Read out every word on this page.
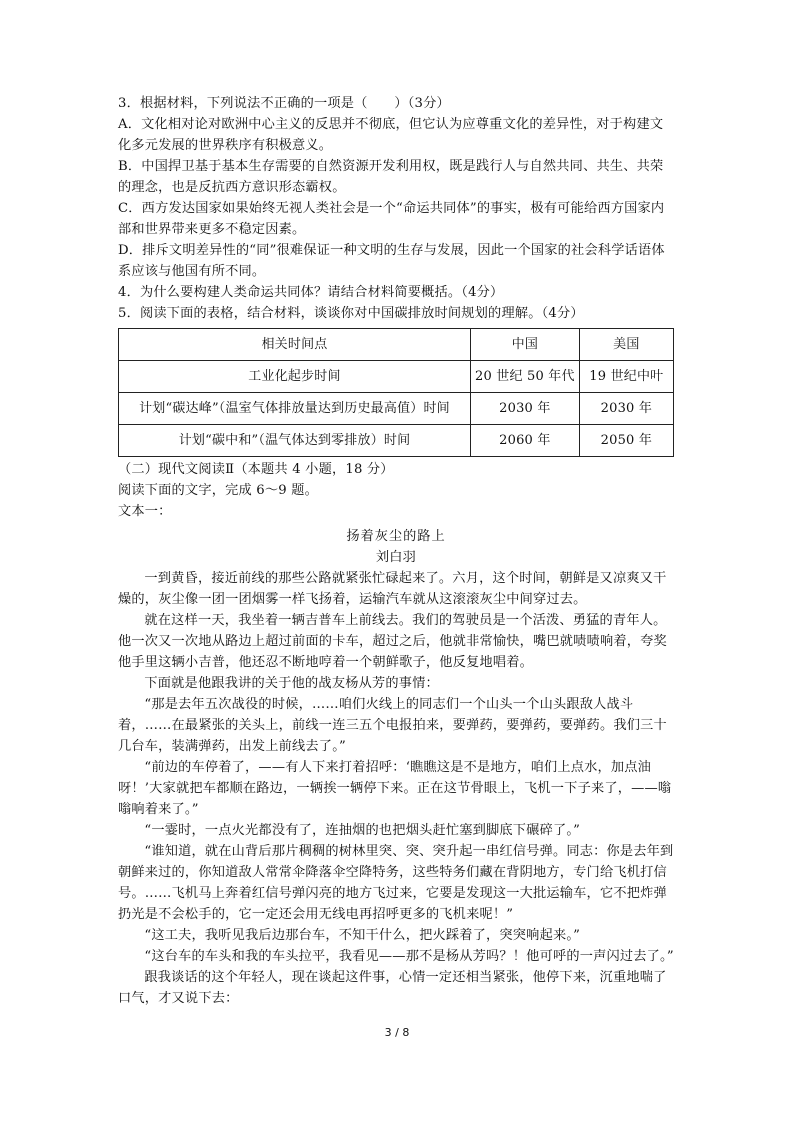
3．根据材料，下列说法不正确的一项是（　　）（3分）

A．文化相对论对欧洲中心主义的反思并不彻底，但它认为应尊重文化的差异性，对于构建文化多元发展的世界秩序有积极意义。

B．中国捍卫基于基本生存需要的自然资源开发利用权，既是践行人与自然共同、共生、共荣的理念，也是反抗西方意识形态霸权。

C．西方发达国家如果始终无视人类社会是一个“命运共同体”的事实，极有可能给西方国家内部和世界带来更多不稳定因素。

D．排斥文明差异性的“同”很难保证一种文明的生存与发展，因此一个国家的社会科学话语体系应该与他国有所不同。

4．为什么要构建人类命运共同体？请结合材料简要概括。（4分）

5．阅读下面的表格，结合材料，谈谈你对中国碳排放时间规划的理解。（4分）

相关时间点	中国	美国
工业化起步时间	20 世纪 50 年代	19 世纪中叶
计划“碳达峰”（温室气体排放量达到历史最高值）时间	2030 年	2030 年
计划“碳中和”（温气体达到零排放）时间	2060 年	2050 年

（二）现代文阅读Ⅱ（本题共 4 小题，18 分）

阅读下面的文字，完成 6～9 题。

文本一：

扬着灰尘的路上

刘白羽

一到黄昏，接近前线的那些公路就紧张忙碌起来了。六月，这个时间，朝鲜是又凉爽又干燥的，灰尘像一团一团烟雾一样飞扬着，运输汽车就从这滚滚灰尘中间穿过去。

就在这样一天，我坐着一辆吉普车上前线去。我们的驾驶员是一个活泼、勇猛的青年人。他一次又一次地从路边上超过前面的卡车，超过之后，他就非常愉快，嘴巴就啧啧响着，夸奖他手里这辆小吉普，他还忍不断地哼着一个朝鲜歌子，他反复地唱着。

下面就是他跟我讲的关于他的战友杨从芳的事情：

“那是去年五次战役的时候，……咱们火线上的同志们一个山头一个山头跟敌人战斗着，……在最紧张的关头上，前线一连三五个电报拍来，要弹药，要弹药，要弹药。我们三十几台车，装满弹药，出发上前线去了。”

“前边的车停着了，——有人下来打着招呼：‘瞧瞧这是不是地方，咱们上点水，加点油呀！’大家就把车都顺在路边，一辆挨一辆停下来。正在这节骨眼上，飞机一下子来了，——嗡嗡响着来了。”

“一霎时，一点火光都没有了，连抽烟的也把烟头赶忙塞到脚底下碾碎了。”

“谁知道，就在山背后那片稠稠的树林里突、突、突升起一串红信号弹。同志：你是去年到朝鲜来过的，你知道敌人常常伞降落伞空降特务，这些特务们藏在背阴地方，专门给飞机打信号。……飞机马上奔着红信号弹闪亮的地方飞过来，它要是发现这一大批运输车，它不把炸弹扔光是不会松手的，它一定还会用无线电再招呼更多的飞机来呢！”

“这工夫，我听见我后边那台车，不知干什么，把火踩着了，突突响起来。”

“这台车的车头和我的车头拉平，我看见——那不是杨从芳吗？！他可呼的一声闪过去了。”

跟我谈话的这个年轻人，现在谈起这件事，心情一定还相当紧张，他停下来，沉重地喘了口气，才又说下去：

3 / 8
